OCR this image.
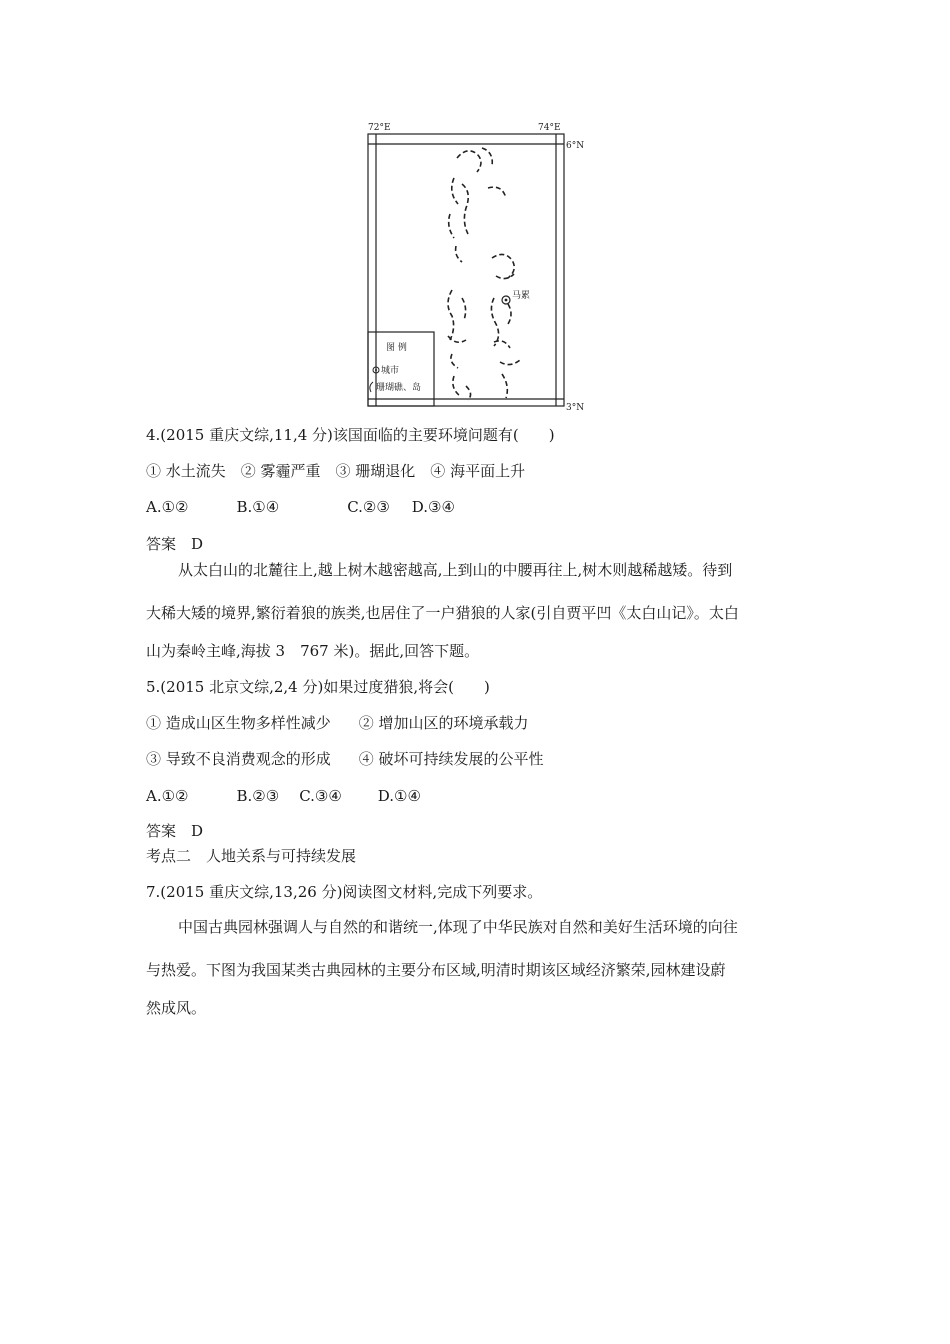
72°E	74°E
6°N
3°N
马累
图 例
城市
珊瑚礁、岛
4.(2015 重庆文综,11,4 分)该国面临的主要环境问题有(　　)
① 水土流失　② 雾霾严重　③ 珊瑚退化　④ 海平面上升
A.①②	B.①④	C.②③ D.③④
答案　D
从太白山的北麓往上,越上树木越密越高,上到山的中腰再往上,树木则越稀越矮。待到
大稀大矮的境界,繁衍着狼的族类,也居住了一户猎狼的人家(引自贾平凹《太白山记》。太白
山为秦岭主峰,海拔 3　767 米)。据此,回答下题。
5.(2015 北京文综,2,4 分)如果过度猎狼,将会(　　)
① 造成山区生物多样性减少 ② 增加山区的环境承载力
③ 导致不良消费观念的形成 ④ 破坏可持续发展的公平性
A.①②	B.②③ C.③④ D.①④
答案　D
考点二　人地关系与可持续发展
7.(2015 重庆文综,13,26 分)阅读图文材料,完成下列要求。
中国古典园林强调人与自然的和谐统一,体现了中华民族对自然和美好生活环境的向往
与热爱。下图为我国某类古典园林的主要分布区域,明清时期该区域经济繁荣,园林建设蔚
然成风。
